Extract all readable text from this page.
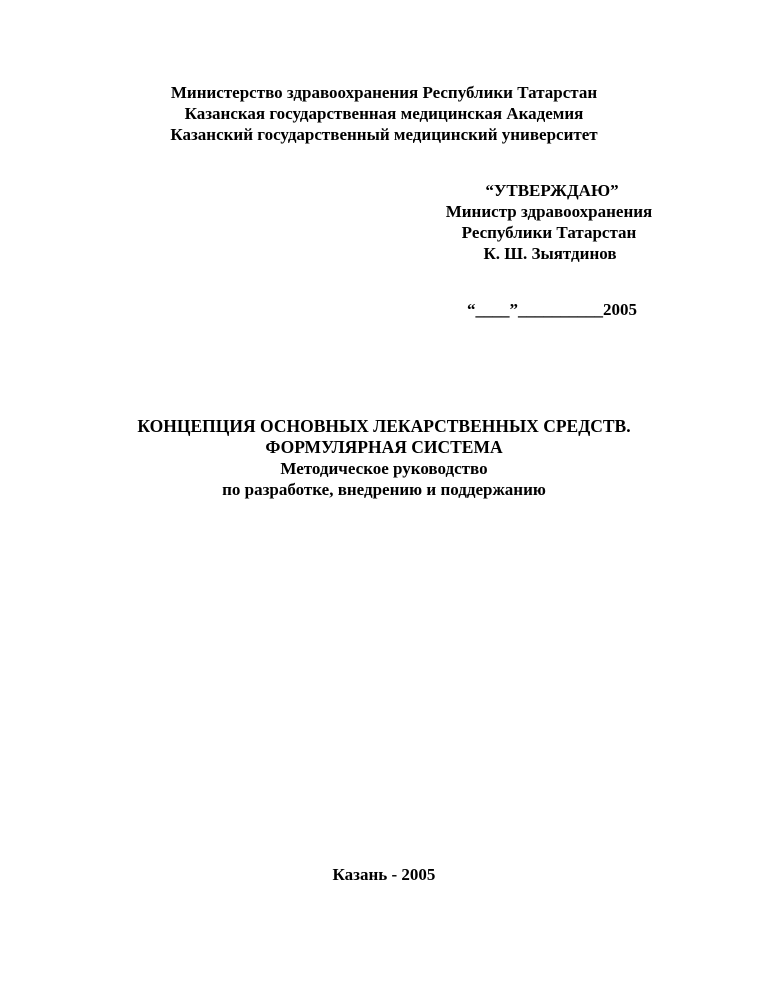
Министерство здравоохранения Республики Татарстан
Казанская государственная медицинская Академия
Казанский государственный медицинский университет
“УТВЕРЖДАЮ”
Министр здравоохранения
Республики Татарстан
К. Ш. Зыятдинов
“____”__________2005
КОНЦЕПЦИЯ ОСНОВНЫХ ЛЕКАРСТВЕННЫХ СРЕДСТВ.
ФОРМУЛЯРНАЯ СИСТЕМА
Методическое руководство
по разработке, внедрению и поддержанию
Казань - 2005
